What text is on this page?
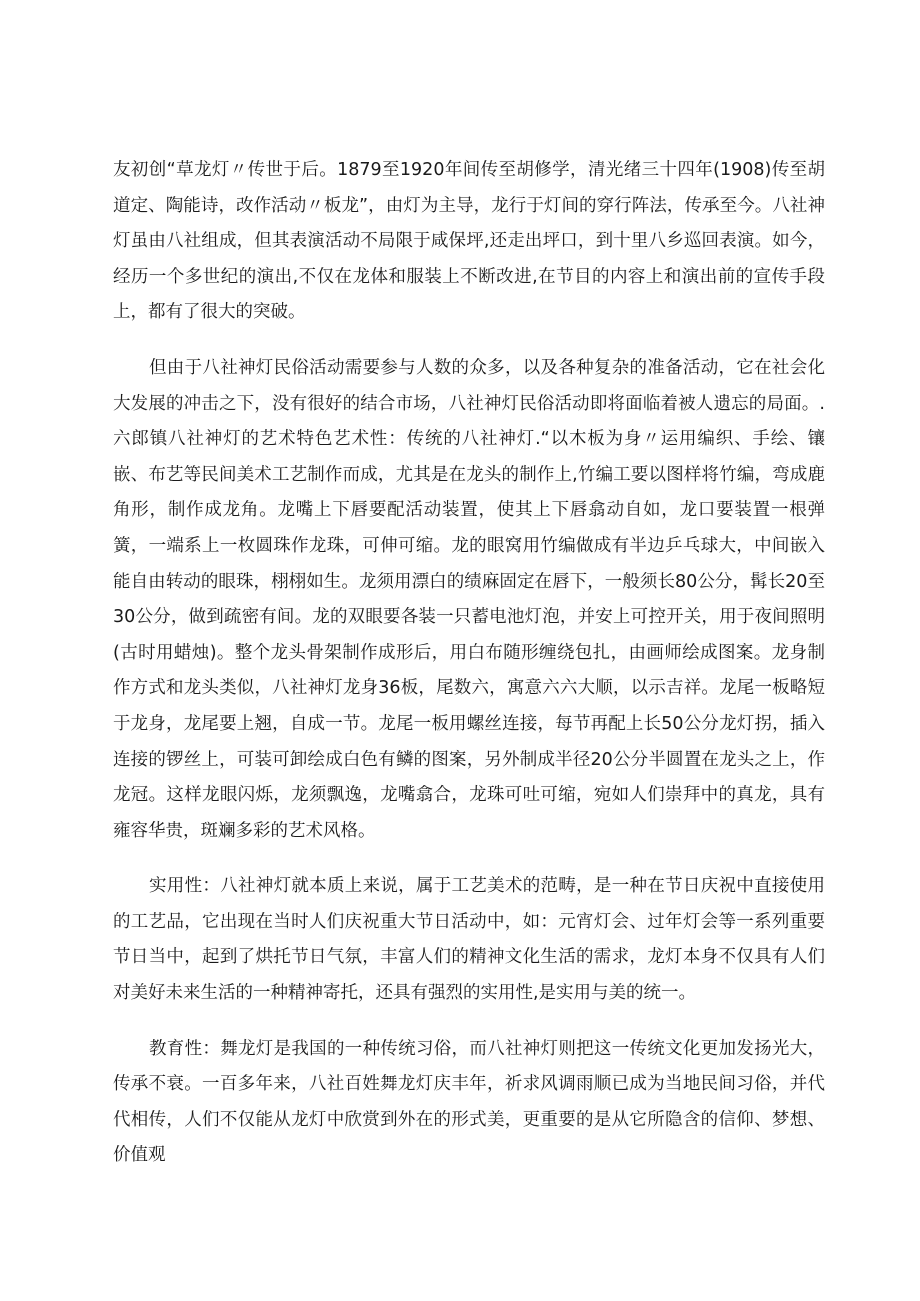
友初创“草龙灯〃传世于后。1879至1920年间传至胡修学，清光绪三十四年(1908)传至胡道定、陶能诗，改作活动〃板龙”，由灯为主导，龙行于灯间的穿行阵法，传承至今。八社神灯虽由八社组成，但其表演活动不局限于咸保坪,还走出坪口，到十里八乡巡回表演。如今，经历一个多世纪的演出,不仅在龙体和服装上不断改进,在节目的内容上和演出前的宣传手段上，都有了很大的突破。

但由于八社神灯民俗活动需要参与人数的众多，以及各种复杂的准备活动，它在社会化大发展的冲击之下，没有很好的结合市场，八社神灯民俗活动即将面临着被人遗忘的局面。.六郎镇八社神灯的艺术特色艺术性：传统的八社神灯.“以木板为身〃运用编织、手绘、镶嵌、布艺等民间美术工艺制作而成，尤其是在龙头的制作上,竹编工要以图样将竹编，弯成鹿角形，制作成龙角。龙嘴上下唇要配活动装置，使其上下唇翕动自如，龙口要装置一根弹簧，一端系上一枚圆珠作龙珠，可伸可缩。龙的眼窝用竹编做成有半边乒乓球大，中间嵌入能自由转动的眼珠，栩栩如生。龙须用漂白的绩麻固定在唇下，一般须长80公分，髯长20至30公分，做到疏密有间。龙的双眼要各装一只蓄电池灯泡，并安上可控开关，用于夜间照明(古时用蜡烛)。整个龙头骨架制作成形后，用白布随形缠绕包扎，由画师绘成图案。龙身制作方式和龙头类似，八社神灯龙身36板，尾数六，寓意六六大顺，以示吉祥。龙尾一板略短于龙身，龙尾要上翘，自成一节。龙尾一板用螺丝连接，每节再配上长50公分龙灯拐，插入连接的锣丝上，可装可卸绘成白色有鳞的图案，另外制成半径20公分半圆置在龙头之上，作龙冠。这样龙眼闪烁，龙须飘逸，龙嘴翕合，龙珠可吐可缩，宛如人们崇拜中的真龙，具有雍容华贵，斑斓多彩的艺术风格。

实用性：八社神灯就本质上来说，属于工艺美术的范畴，是一种在节日庆祝中直接使用的工艺品，它出现在当时人们庆祝重大节日活动中，如：元宵灯会、过年灯会等一系列重要节日当中，起到了烘托节日气氛，丰富人们的精神文化生活的需求，龙灯本身不仅具有人们对美好未来生活的一种精神寄托，还具有强烈的实用性,是实用与美的统一。

教育性：舞龙灯是我国的一种传统习俗，而八社神灯则把这一传统文化更加发扬光大，传承不衰。一百多年来，八社百姓舞龙灯庆丰年，祈求风调雨顺已成为当地民间习俗，并代代相传，人们不仅能从龙灯中欣赏到外在的形式美，更重要的是从它所隐含的信仰、梦想、价值观
